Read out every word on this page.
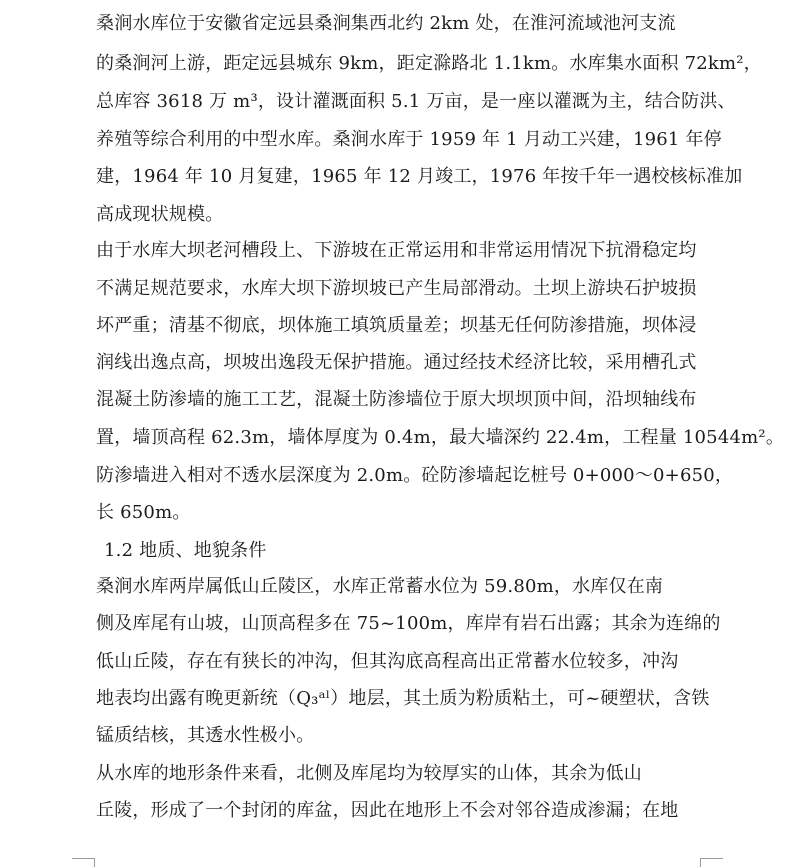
桑涧水库位于安徽省定远县桑涧集西北约 2km 处，在淮河流域池河支流
的桑涧河上游，距定远县城东 9km，距定滁路北 1.1km。水库集水面积 72km²，
总库容 3618 万 m³，设计灌溉面积 5.1 万亩，是一座以灌溉为主，结合防洪、
养殖等综合利用的中型水库。桑涧水库于 1959 年 1 月动工兴建，1961 年停
建，1964 年 10 月复建，1965 年 12 月竣工，1976 年按千年一遇校核标准加
高成现状规模。
由于水库大坝老河槽段上、下游坡在正常运用和非常运用情况下抗滑稳定均
不满足规范要求，水库大坝下游坝坡已产生局部滑动。土坝上游块石护坡损
坏严重；清基不彻底，坝体施工填筑质量差；坝基无任何防渗措施，坝体浸
润线出逸点高，坝坡出逸段无保护措施。通过经技术经济比较，采用槽孔式
混凝土防渗墙的施工工艺，混凝土防渗墙位于原大坝坝顶中间，沿坝轴线布
置，墙顶高程 62.3m，墙体厚度为 0.4m，最大墙深约 22.4m，工程量 10544m²。
防渗墙进入相对不透水层深度为 2.0m。砼防渗墙起讫桩号 0+000～0+650，
长 650m。
1.2 地质、地貌条件
桑涧水库两岸属低山丘陵区，水库正常蓄水位为 59.80m，水库仅在南
侧及库尾有山坡，山顶高程多在 75~100m，库岸有岩石出露；其余为连绵的
低山丘陵，存在有狭长的冲沟，但其沟底高程高出正常蓄水位较多，冲沟
地表均出露有晚更新统（Q₃ᵃˡ）地层，其土质为粉质粘土，可~硬塑状，含铁
锰质结核，其透水性极小。
从水库的地形条件来看，北侧及库尾均为较厚实的山体，其余为低山
丘陵，形成了一个封闭的库盆，因此在地形上不会对邻谷造成渗漏；在地
